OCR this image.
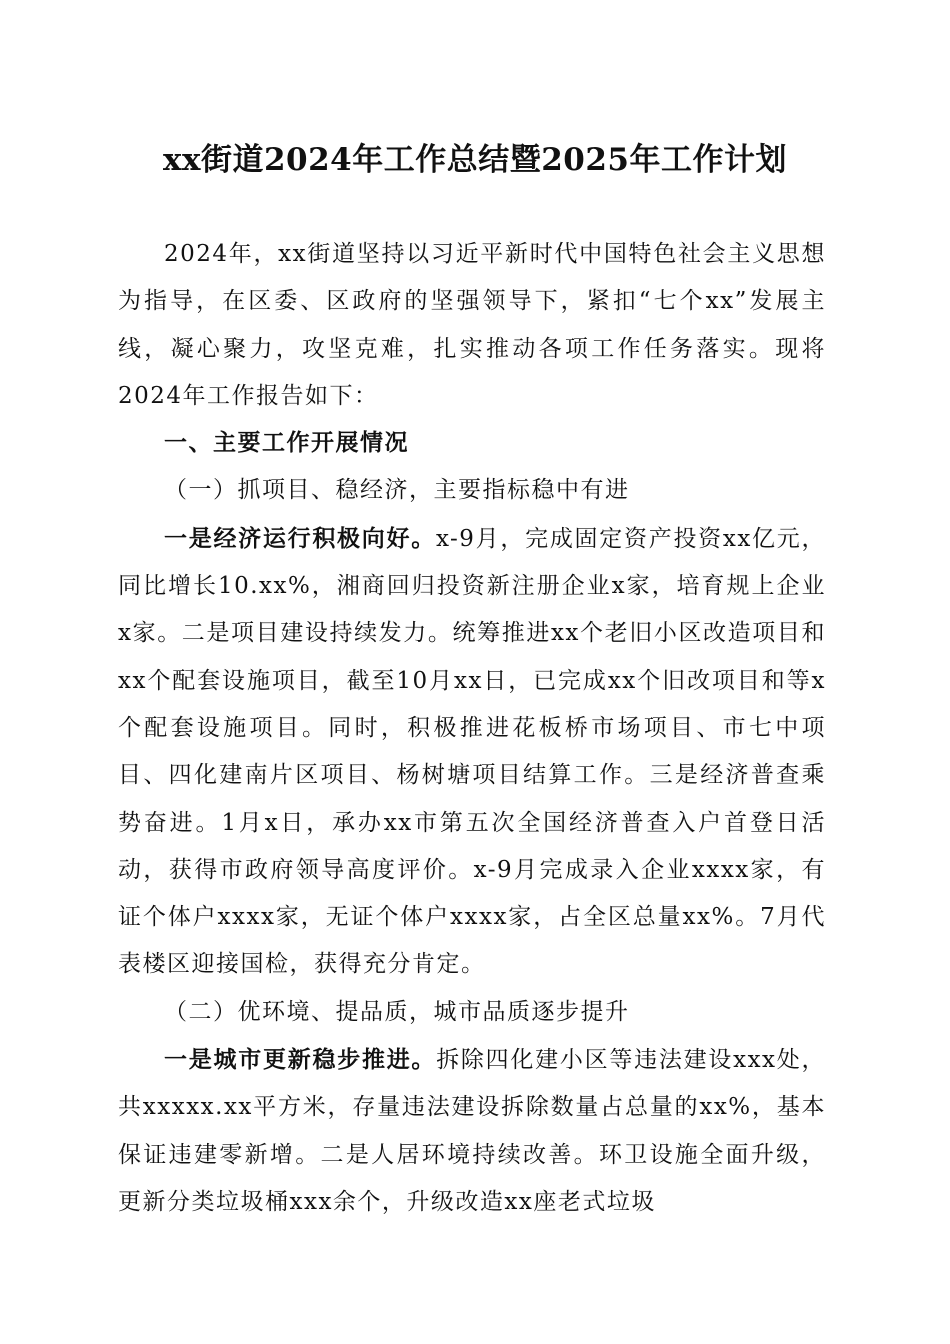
xx街道2024年工作总结暨2025年工作计划

2024年，xx街道坚持以习近平新时代中国特色社会主义思想为指导，在区委、区政府的坚强领导下，紧扣“七个xx”发展主线，凝心聚力，攻坚克难，扎实推动各项工作任务落实。现将2024年工作报告如下：

一、主要工作开展情况

（一）抓项目、稳经济，主要指标稳中有进

一是经济运行积极向好。x-9月，完成固定资产投资xx亿元，同比增长10.xx%，湘商回归投资新注册企业x家，培育规上企业x家。二是项目建设持续发力。统筹推进xx个老旧小区改造项目和xx个配套设施项目，截至10月xx日，已完成xx个旧改项目和等x个配套设施项目。同时，积极推进花板桥市场项目、市七中项目、四化建南片区项目、杨树塘项目结算工作。三是经济普查乘势奋进。1月x日，承办xx市第五次全国经济普查入户首登日活动，获得市政府领导高度评价。x-9月完成录入企业xxxx家，有证个体户xxxx家，无证个体户xxxx家，占全区总量xx%。7月代表楼区迎接国检，获得充分肯定。

（二）优环境、提品质，城市品质逐步提升

一是城市更新稳步推进。拆除四化建小区等违法建设xxx处，共xxxxx.xx平方米，存量违法建设拆除数量占总量的xx%，基本保证违建零新增。二是人居环境持续改善。环卫设施全面升级，更新分类垃圾桶xxx余个，升级改造xx座老式垃圾
